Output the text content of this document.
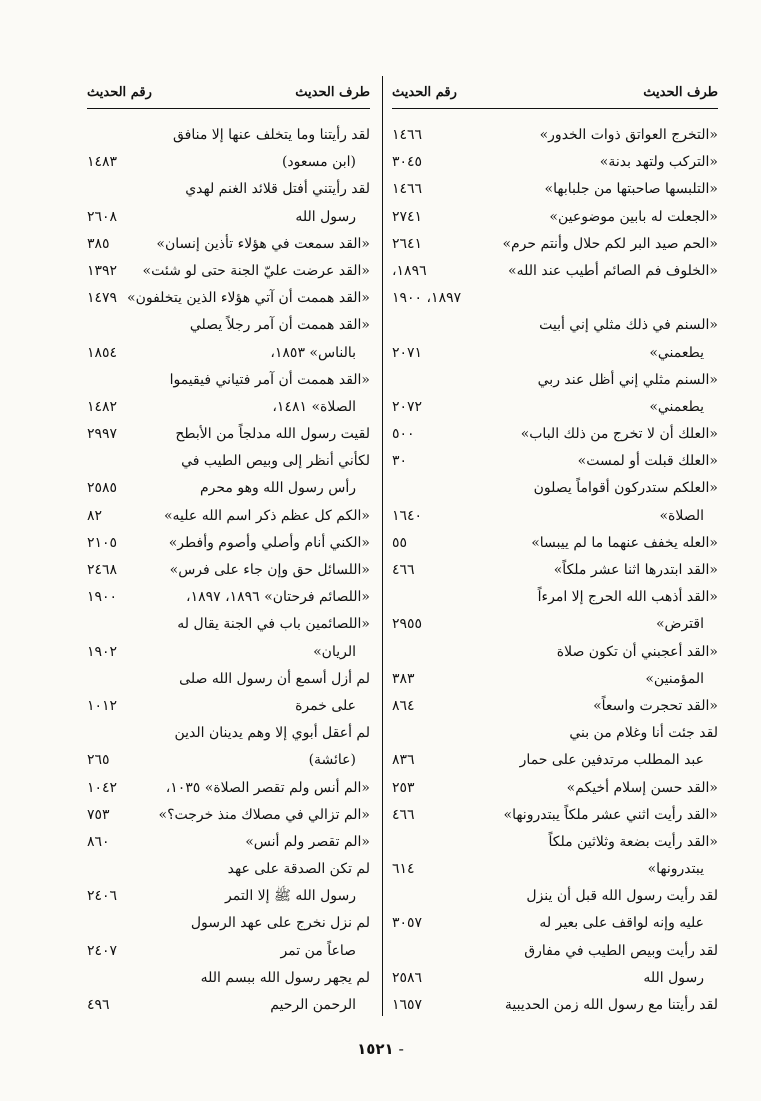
طرف الحديث
رقم الحديث
«التخرج العواتق ذوات الخدور»
١٤٦٦
«التركب ولتهد بدنة»
٣٠٤٥
«التلبسها صاحبتها من جلبابها»
١٤٦٦
«الجعلت له بابين موضوعين»
٢٧٤١
«الحم صيد البر لكم حلال وأنتم حرم»
٢٦٤١
«الخلوف فم الصائم أطيب عند الله»
١٨٩٦،
١٨٩٧، ١٩٠٠
«السنم في ذلك مثلي إني أبيت
يطعمني»
٢٠٧١
«السنم مثلي إني أظل عند ربي
يطعمني»
٢٠٧٢
«العلك أن لا تخرج من ذلك الباب»
٥٠٠
«العلك قبلت أو لمست»
٣٠
«العلكم ستدركون أقواماً يصلون
الصلاة»
١٦٤٠
«العله يخفف عنهما ما لم ييبسا»
٥٥
«القد ابتدرها اثنا عشر ملكاً»
٤٦٦
«القد أذهب الله الحرج إلا امرءاً
اقترض»
٢٩٥٥
«القد أعجبني أن تكون صلاة
المؤمنين»
٣٨٣
«القد تحجرت واسعاً»
٨٦٤
لقد جئت أنا وغلام من بني
عبد المطلب مرتدفين على حمار
٨٣٦
«القد حسن إسلام أخيكم»
٢٥٣
«القد رأيت اثني عشر ملكاً يبتدرونها»
٤٦٦
«القد رأيت بضعة وثلاثين ملكاً
يبتدرونها»
٦١٤
لقد رأيت رسول الله قبل أن ينزل
عليه وإنه لواقف على بعير له
٣٠٥٧
لقد رأيت وبيص الطيب في مفارق
رسول الله
٢٥٨٦
لقد رأيتنا مع رسول الله زمن الحديبية
١٦٥٧
طرف الحديث
رقم الحديث
لقد رأيتنا وما يتخلف عنها إلا منافق
(ابن مسعود)
١٤٨٣
لقد رأيتني أفتل قلائد الغنم لهدي
رسول الله
٢٦٠٨
«القد سمعت في هؤلاء تأذين إنسان»
٣٨٥
«القد عرضت عليّ الجنة حتى لو شئت»
١٣٩٢
«القد هممت أن آتي هؤلاء الذين يتخلفون»
١٤٧٩
«القد هممت أن آمر رجلاً يصلي
بالناس» ١٨٥٣،
١٨٥٤
«القد هممت أن آمر فتياني فيقيموا
الصلاة» ١٤٨١،
١٤٨٢
لقيت رسول الله مدلجاً من الأبطح
٢٩٩٧
لكأني أنظر إلى وبيص الطيب في
رأس رسول الله وهو محرم
٢٥٨٥
«الكم كل عظم ذكر اسم الله عليه»
٨٢
«الكني أنام وأصلي وأصوم وأفطر»
٢١٠٥
«اللسائل حق وإن جاء على فرس»
٢٤٦٨
«اللصائم فرحتان» ١٨٩٦، ١٨٩٧،
١٩٠٠
«اللصائمين باب في الجنة يقال له
الريان»
١٩٠٢
لم أزل أسمع أن رسول الله صلى
على خمرة
١٠١٢
لم أعقل أبوي إلا وهم يدينان الدين
(عائشة)
٢٦٥
«الم أنس ولم تقصر الصلاة» ١٠٣٥،
١٠٤٢
«الم تزالي في مصلاك منذ خرجت؟»
٧٥٣
«الم تقصر ولم أنس»
٨٦٠
لم تكن الصدقة على عهد
رسول الله ﷺ إلا التمر
٢٤٠٦
لم نزل نخرج على عهد الرسول
صاعاً من تمر
٢٤٠٧
لم يجهر رسول الله ببسم الله
الرحمن الرحيم
٤٩٦
- ١٥٢١
